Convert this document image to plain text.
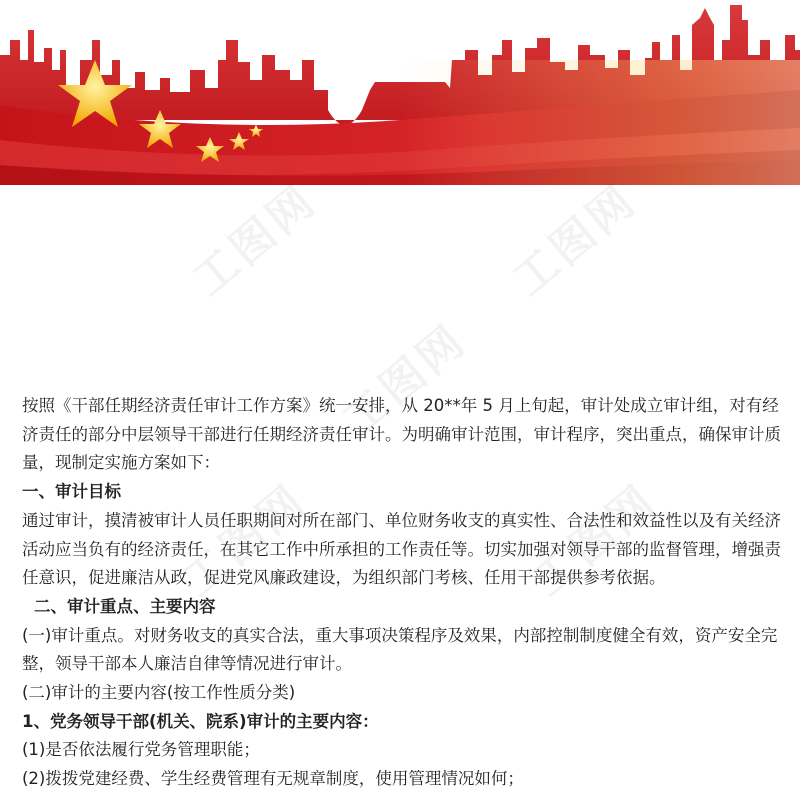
工图网	工图网
工图网
工图网	工图网

按照《干部任期经济责任审计工作方案》统一安排，从 20**年 5 月上旬起，审计处成立审计组，对有经济责任的部分中层领导干部进行任期经济责任审计。为明确审计范围，审计程序，突出重点，确保审计质量，现制定实施方案如下：

一、审计目标

通过审计，摸清被审计人员任职期间对所在部门、单位财务收支的真实性、合法性和效益性以及有关经济活动应当负有的经济责任，在其它工作中所承担的工作责任等。切实加强对领导干部的监督管理，增强责任意识，促进廉洁从政，促进党风廉政建设，为组织部门考核、任用干部提供参考依据。

二、审计重点、主要内容

(一)审计重点。对财务收支的真实合法，重大事项决策程序及效果，内部控制制度健全有效，资产安全完整，领导干部本人廉洁自律等情况进行审计。

(二)审计的主要内容(按工作性质分类)

1、党务领导干部(机关、院系)审计的主要内容：

(1)是否依法履行党务管理职能；

(2)拨拨党建经费、学生经费管理有无规章制度，使用管理情况如何；
